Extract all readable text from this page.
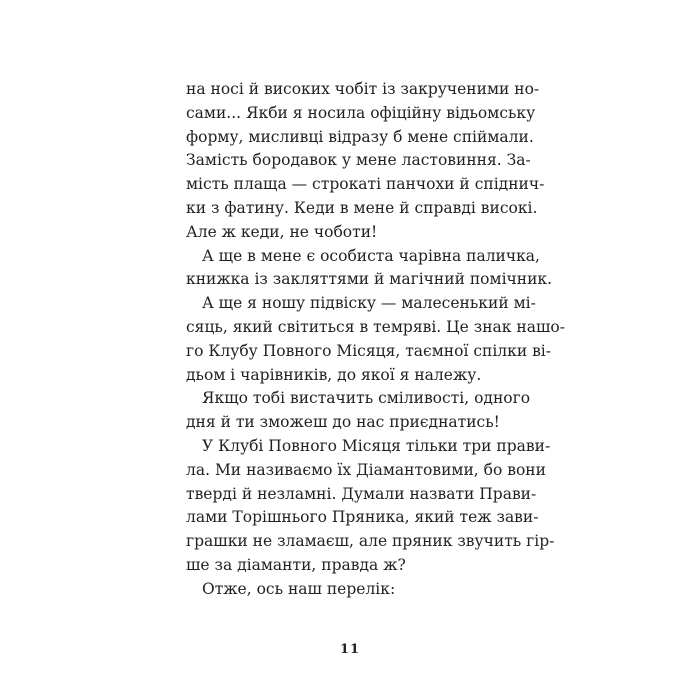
на носі й високих чобіт із закрученими но-
сами... Якби я носила офіційну відьомську
форму, мисливці відразу б мене спіймали.
Замість бородавок у мене ластовиння. За-
мість плаща — строкаті панчохи й спіднич-
ки з фатину. Кеди в мене й справді високі.
Але ж кеди, не чоботи!
А ще в мене є особиста чарівна паличка,
книжка із закляттями й магічний помічник.
А ще я ношу підвіску — малесенький мі-
сяць, який світиться в темряві. Це знак нашо-
го Клубу Повного Місяця, таємної спілки ві-
дьом і чарівників, до якої я належу.
Якщо тобі вистачить сміливості, одного
дня й ти зможеш до нас приєднатись!
У Клубі Повного Місяця тільки три прави-
ла. Ми називаємо їх Діамантовими, бо вони
тверді й незламні. Думали назвати Прави-
лами Торішнього Пряника, який теж зави-
грашки не зламаєш, але пряник звучить гір-
ше за діаманти, правда ж?
Отже, ось наш перелік:
11
